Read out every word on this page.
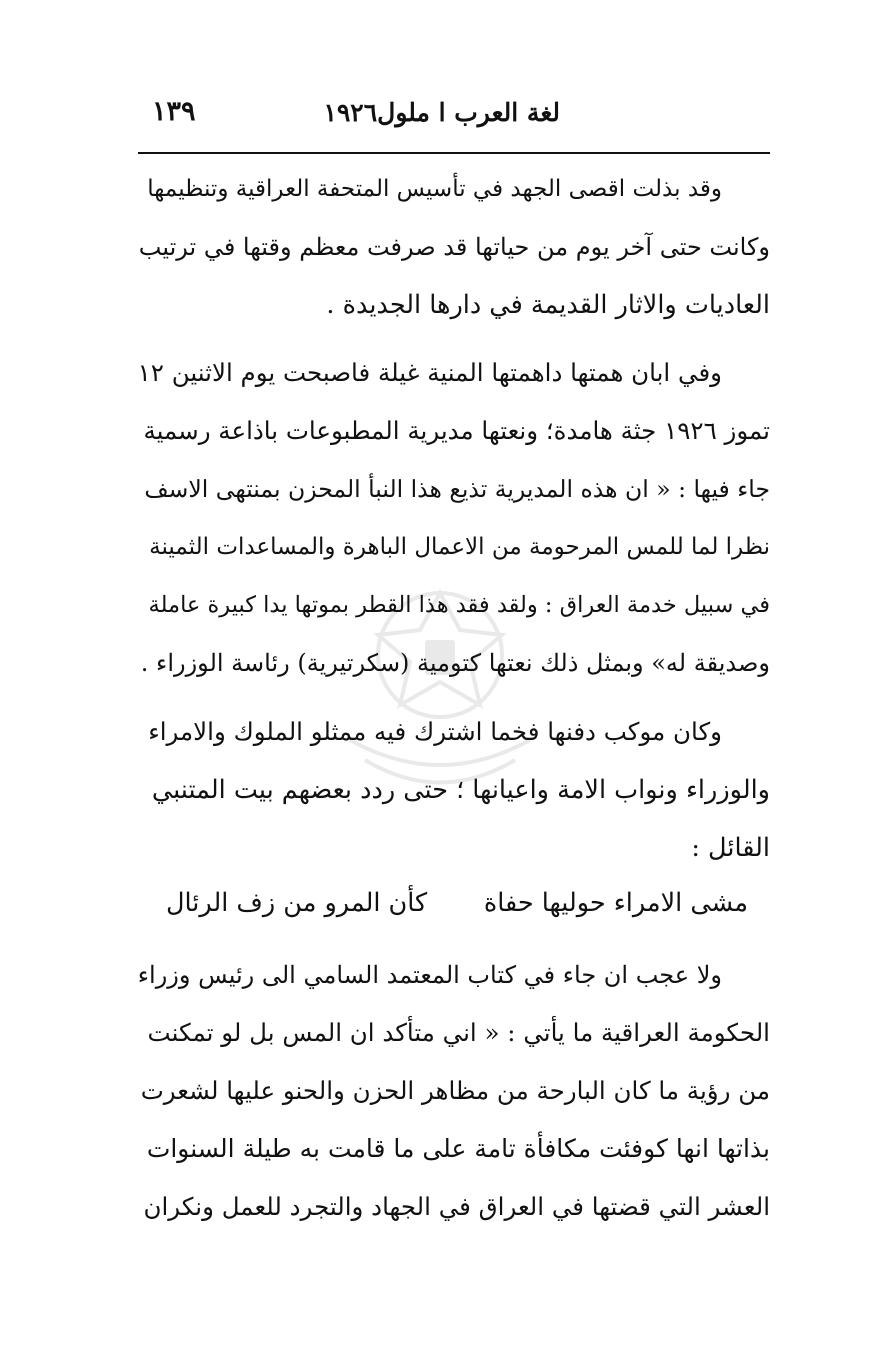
لغة العرب ا ملول١٩٢٦
١٣٩
وقد بذلت اقصى الجهد في تأسيس المتحفة العراقية وتنظيمها
وكانت حتى آخر يوم من حياتها قد صرفت معظم وقتها في ترتيب
العاديات والاثار القديمة في دارها الجديدة .
وفي ابان همتها داهمتها المنية غيلة فاصبحت يوم الاثنين ١٢
تموز ١٩٢٦ جثة هامدة؛ ونعتها مديرية المطبوعات باذاعة رسمية
جاء فيها : « ان هذه المديرية تذيع هذا النبأ المحزن بمنتهى الاسف
نظرا لما للمس المرحومة من الاعمال الباهرة والمساعدات الثمينة
في سبيل خدمة العراق : ولقد فقد هذا القطر بموتها يدا كبيرة عاملة
وصديقة له» وبمثل ذلك نعتها كتومية (سكرتيرية) رئاسة الوزراء .
وكان موكب دفنها فخما اشترك فيه ممثلو الملوك والامراء
والوزراء ونواب الامة واعيانها ؛ حتى ردد بعضهم بيت المتنبي
القائل :
مشى الامراء حوليها حفاة
كأن المرو من زف الرئال
ولا عجب ان جاء في كتاب المعتمد السامي الى رئيس وزراء
الحكومة العراقية ما يأتي : « اني متأكد ان المس بل لو تمكنت
من رؤية ما كان البارحة من مظاهر الحزن والحنو عليها لشعرت
بذاتها انها كوفئت مكافأة تامة على ما قامت به طيلة السنوات
العشر التي قضتها في العراق في الجهاد والتجرد للعمل ونكران
